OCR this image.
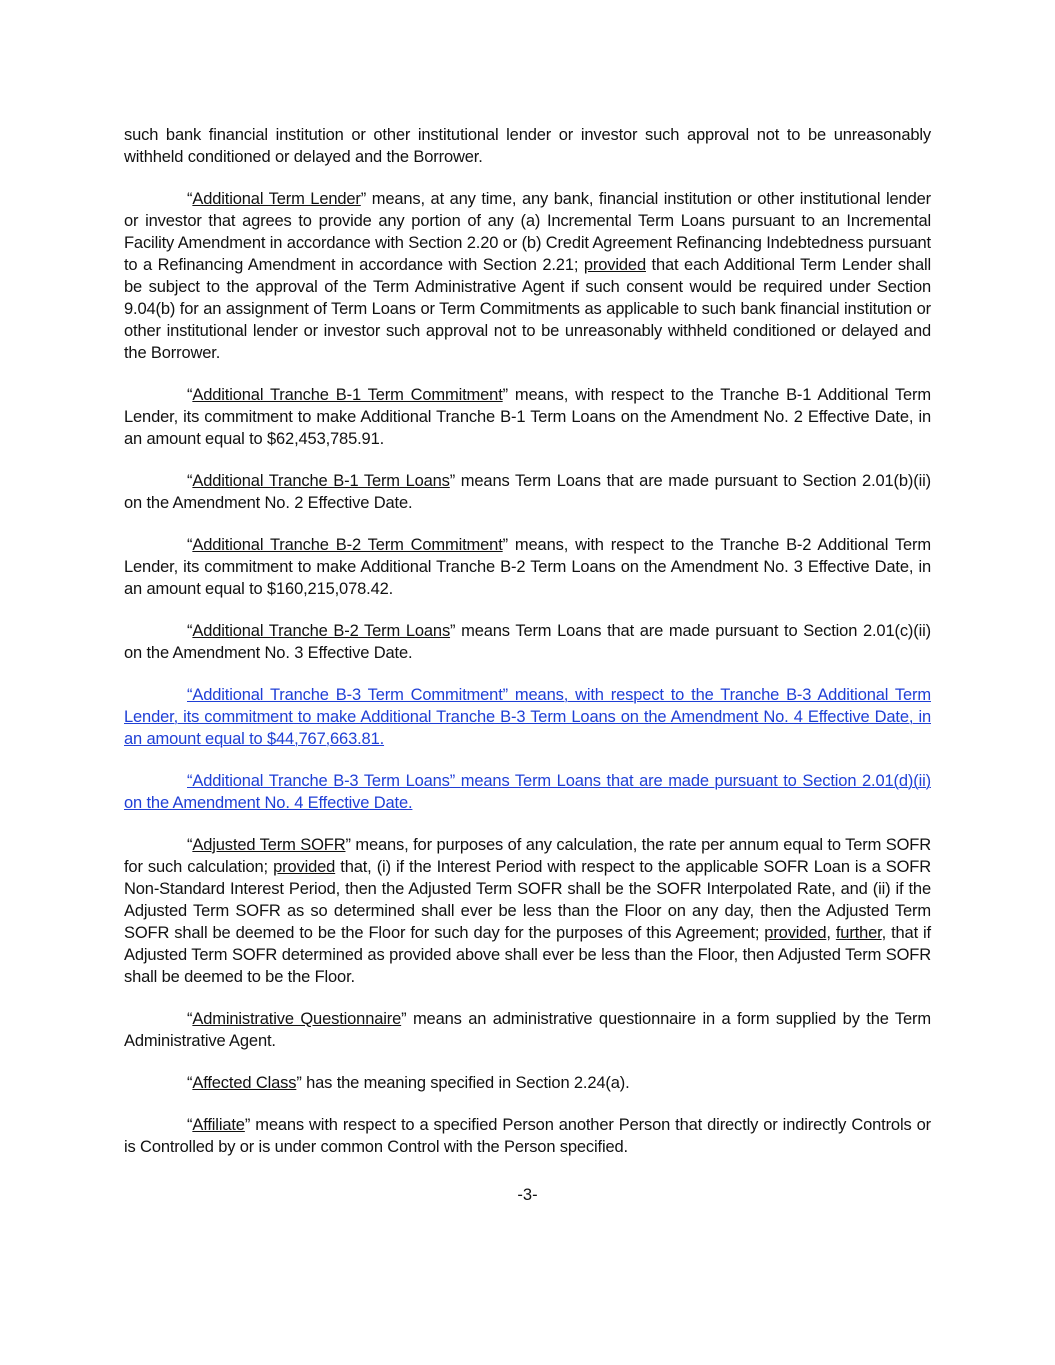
such bank financial institution or other institutional lender or investor such approval not to be unreasonably withheld conditioned or delayed and the Borrower.

“Additional Term Lender” means, at any time, any bank, financial institution or other institutional lender or investor that agrees to provide any portion of any (a) Incremental Term Loans pursuant to an Incremental Facility Amendment in accordance with Section 2.20 or (b) Credit Agreement Refinancing Indebtedness pursuant to a Refinancing Amendment in accordance with Section 2.21; provided that each Additional Term Lender shall be subject to the approval of the Term Administrative Agent if such consent would be required under Section 9.04(b) for an assignment of Term Loans or Term Commitments as applicable to such bank financial institution or other institutional lender or investor such approval not to be unreasonably withheld conditioned or delayed and the Borrower.

“Additional Tranche B-1 Term Commitment” means, with respect to the Tranche B-1 Additional Term Lender, its commitment to make Additional Tranche B-1 Term Loans on the Amendment No. 2 Effective Date, in an amount equal to $62,453,785.91.

“Additional Tranche B-1 Term Loans” means Term Loans that are made pursuant to Section 2.01(b)(ii) on the Amendment No. 2 Effective Date.

“Additional Tranche B-2 Term Commitment” means, with respect to the Tranche B-2 Additional Term Lender, its commitment to make Additional Tranche B-2 Term Loans on the Amendment No. 3 Effective Date, in an amount equal to $160,215,078.42.

“Additional Tranche B-2 Term Loans” means Term Loans that are made pursuant to Section 2.01(c)(ii) on the Amendment No. 3 Effective Date.

“Additional Tranche B-3 Term Commitment” means, with respect to the Tranche B-3 Additional Term Lender, its commitment to make Additional Tranche B-3 Term Loans on the Amendment No. 4 Effective Date, in an amount equal to $44,767,663.81.

“Additional Tranche B-3 Term Loans” means Term Loans that are made pursuant to Section 2.01(d)(ii) on the Amendment No. 4 Effective Date.

“Adjusted Term SOFR” means, for purposes of any calculation, the rate per annum equal to Term SOFR for such calculation; provided that, (i) if the Interest Period with respect to the applicable SOFR Loan is a SOFR Non-Standard Interest Period, then the Adjusted Term SOFR shall be the SOFR Interpolated Rate, and (ii) if the Adjusted Term SOFR as so determined shall ever be less than the Floor on any day, then the Adjusted Term SOFR shall be deemed to be the Floor for such day for the purposes of this Agreement; provided, further, that if Adjusted Term SOFR determined as provided above shall ever be less than the Floor, then Adjusted Term SOFR shall be deemed to be the Floor.

“Administrative Questionnaire” means an administrative questionnaire in a form supplied by the Term Administrative Agent.

“Affected Class” has the meaning specified in Section 2.24(a).

“Affiliate” means with respect to a specified Person another Person that directly or indirectly Controls or is Controlled by or is under common Control with the Person specified.

-3-
